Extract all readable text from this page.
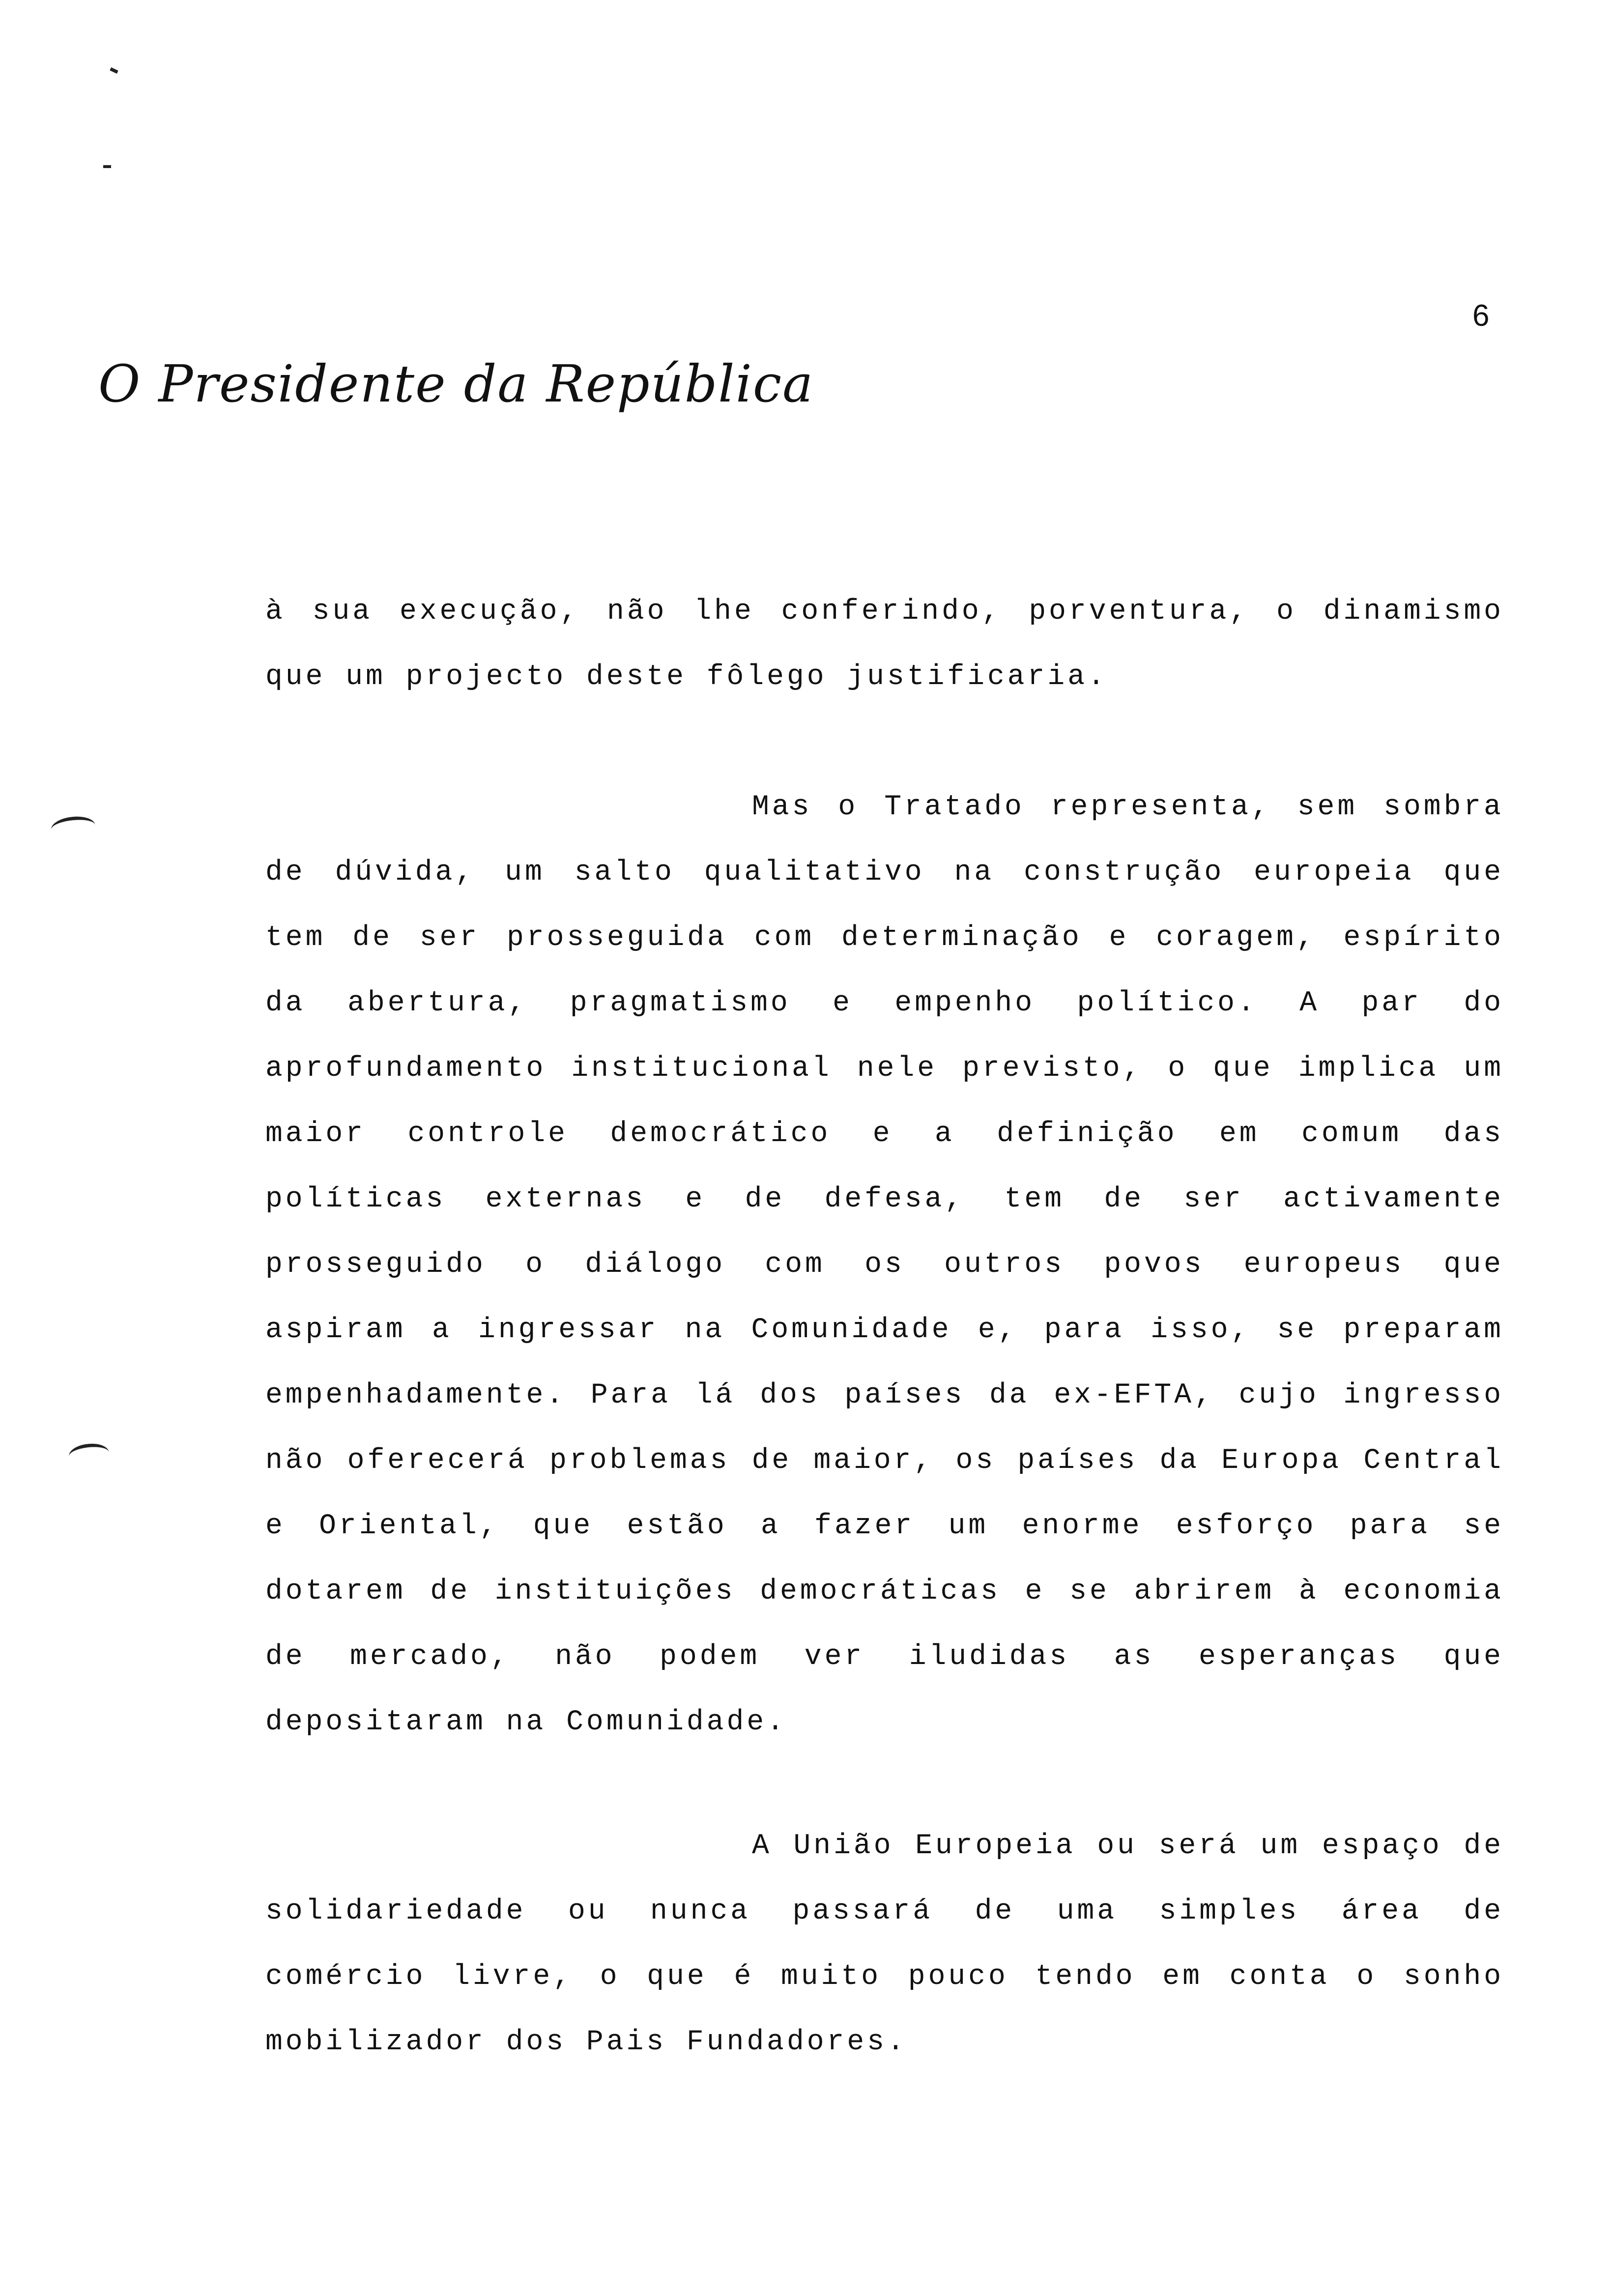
6
O Presidente da República

à sua execução, não lhe conferindo, porventura, o dinamismo que um projecto deste fôlego justificaria.

Mas o Tratado representa, sem sombra de dúvida, um salto qualitativo na construção europeia que tem de ser prosseguida com determinação e coragem, espírito da abertura, pragmatismo e empenho político. A par do aprofundamento institucional nele previsto, o que implica um maior controle democrático e a definição em comum das políticas externas e de defesa, tem de ser activamente prosseguido o diálogo com os outros povos europeus que aspiram a ingressar na Comunidade e, para isso, se preparam empenhadamente. Para lá dos países da ex-EFTA, cujo ingresso não oferecerá problemas de maior, os países da Europa Central e Oriental, que estão a fazer um enorme esforço para se dotarem de instituições democráticas e se abrirem à economia de mercado, não podem ver iludidas as esperanças que depositaram na Comunidade.

A União Europeia ou será um espaço de solidariedade ou nunca passará de uma simples área de comércio livre, o que é muito pouco tendo em conta o sonho mobilizador dos Pais Fundadores.
